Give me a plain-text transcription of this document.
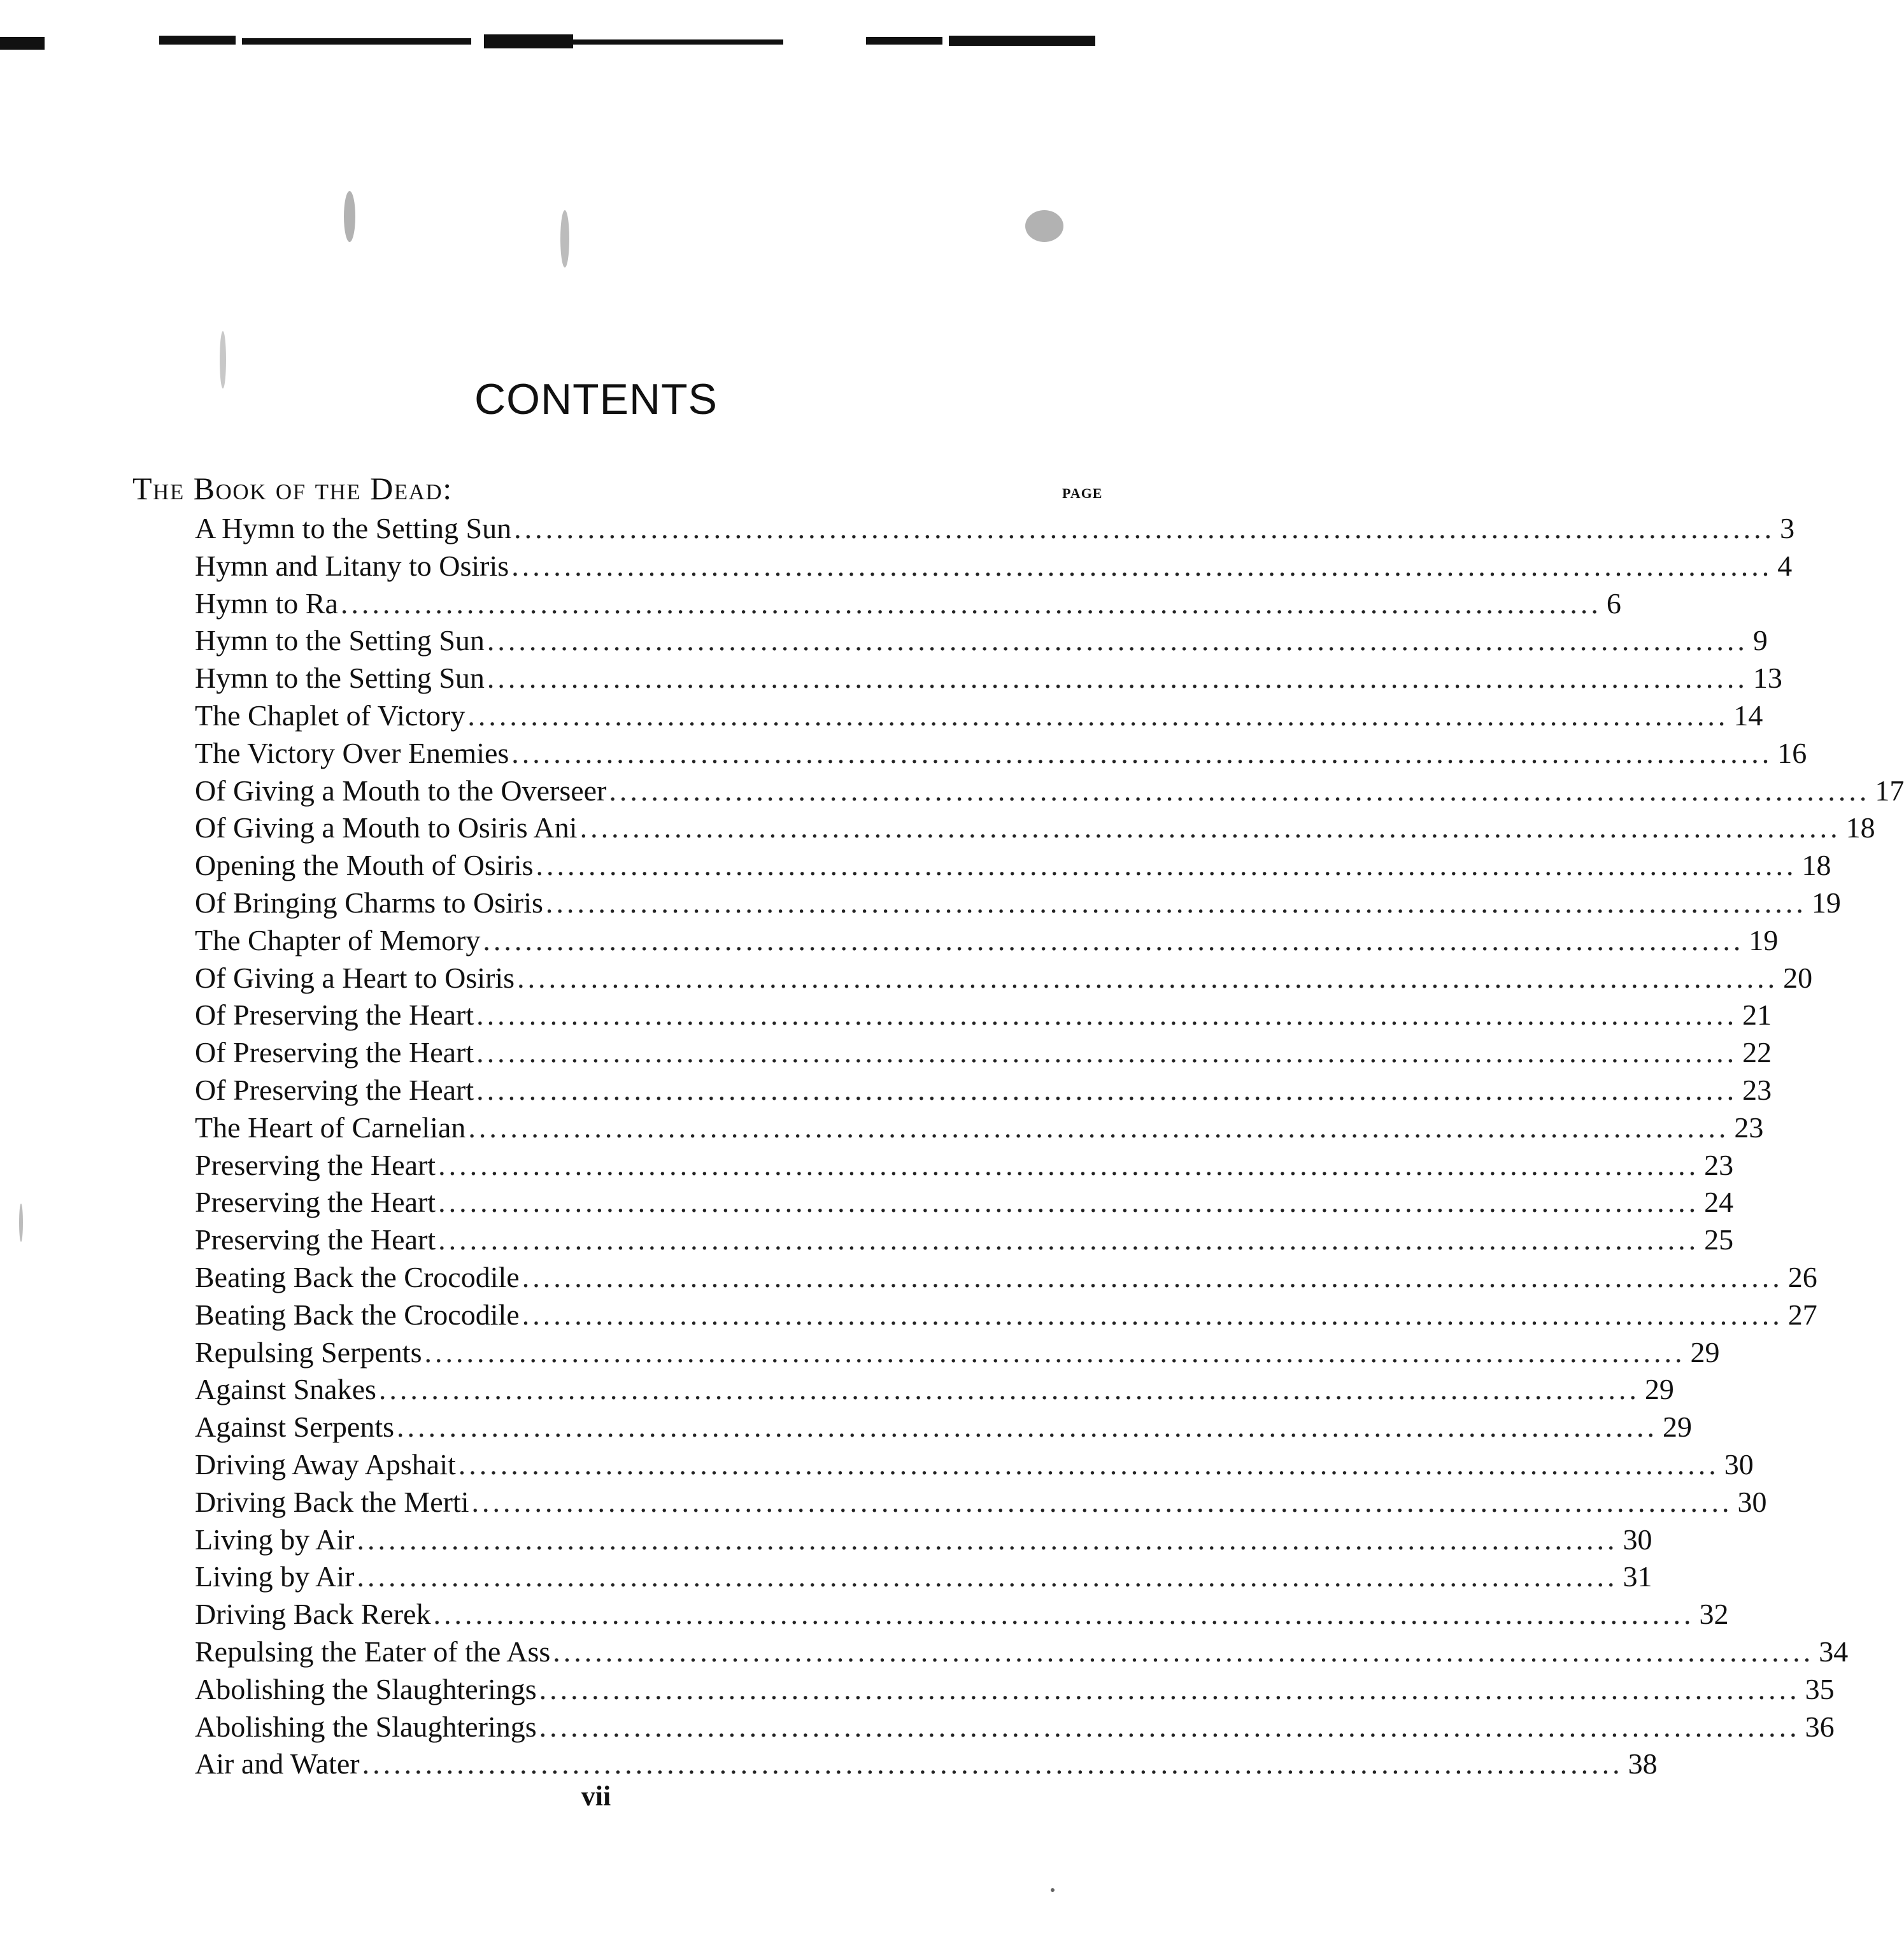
CONTENTS
The Book of the Dead:	PAGE
A Hymn to the Setting Sun ........................................................................................................................ 3
Hymn and Litany to Osiris ........................................................................................................................ 4
Hymn to Ra ........................................................................................................................ 6
Hymn to the Setting Sun ........................................................................................................................ 9
Hymn to the Setting Sun ........................................................................................................................ 13
The Chaplet of Victory ........................................................................................................................ 14
The Victory Over Enemies ........................................................................................................................ 16
Of Giving a Mouth to the Overseer ........................................................................................................................ 17
Of Giving a Mouth to Osiris Ani ........................................................................................................................ 18
Opening the Mouth of Osiris ........................................................................................................................ 18
Of Bringing Charms to Osiris ........................................................................................................................ 19
The Chapter of Memory ........................................................................................................................ 19
Of Giving a Heart to Osiris ........................................................................................................................ 20
Of Preserving the Heart ........................................................................................................................ 21
Of Preserving the Heart ........................................................................................................................ 22
Of Preserving the Heart ........................................................................................................................ 23
The Heart of Carnelian ........................................................................................................................ 23
Preserving the Heart ........................................................................................................................ 23
Preserving the Heart ........................................................................................................................ 24
Preserving the Heart ........................................................................................................................ 25
Beating Back the Crocodile ........................................................................................................................ 26
Beating Back the Crocodile ........................................................................................................................ 27
Repulsing Serpents ........................................................................................................................ 29
Against Snakes ........................................................................................................................ 29
Against Serpents ........................................................................................................................ 29
Driving Away Apshait ........................................................................................................................ 30
Driving Back the Merti ........................................................................................................................ 30
Living by Air ........................................................................................................................ 30
Living by Air ........................................................................................................................ 31
Driving Back Rerek ........................................................................................................................ 32
Repulsing the Eater of the Ass ........................................................................................................................ 34
Abolishing the Slaughterings ........................................................................................................................ 35
Abolishing the Slaughterings ........................................................................................................................ 36
Air and Water ........................................................................................................................ 38
vii
